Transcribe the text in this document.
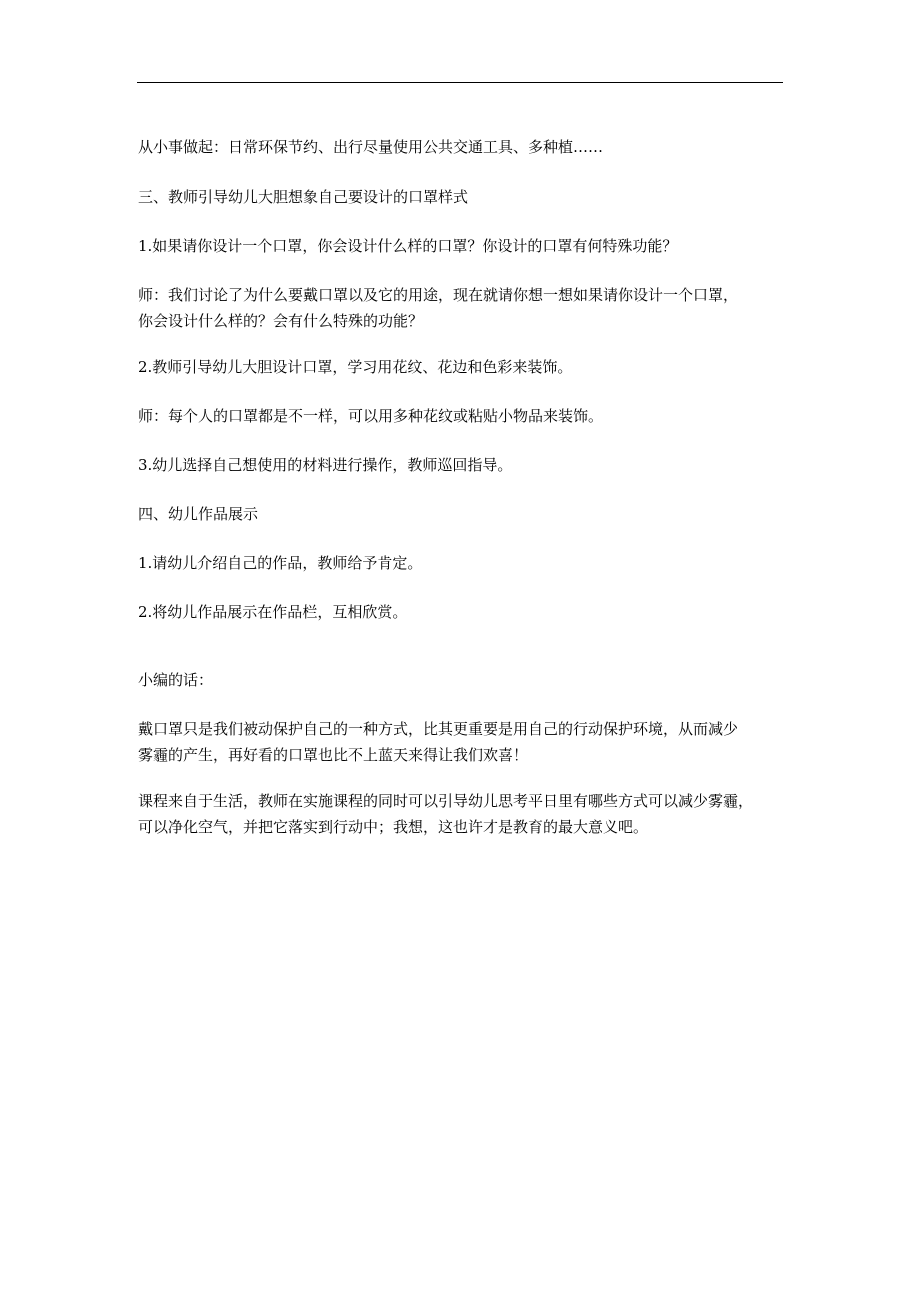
从小事做起：日常环保节约、出行尽量使用公共交通工具、多种植……
三、教师引导幼儿大胆想象自己要设计的口罩样式
1.如果请你设计一个口罩，你会设计什么样的口罩？你设计的口罩有何特殊功能？
师：我们讨论了为什么要戴口罩以及它的用途，现在就请你想一想如果请你设计一个口罩，
你会设计什么样的？会有什么特殊的功能？
2.教师引导幼儿大胆设计口罩，学习用花纹、花边和色彩来装饰。
师：每个人的口罩都是不一样，可以用多种花纹或粘贴小物品来装饰。
3.幼儿选择自己想使用的材料进行操作，教师巡回指导。
四、幼儿作品展示
1.请幼儿介绍自己的作品，教师给予肯定。
2.将幼儿作品展示在作品栏，互相欣赏。
小编的话：
戴口罩只是我们被动保护自己的一种方式，比其更重要是用自己的行动保护环境，从而减少
雾霾的产生，再好看的口罩也比不上蓝天来得让我们欢喜！
课程来自于生活，教师在实施课程的同时可以引导幼儿思考平日里有哪些方式可以减少雾霾，
可以净化空气，并把它落实到行动中；我想，这也许才是教育的最大意义吧。
